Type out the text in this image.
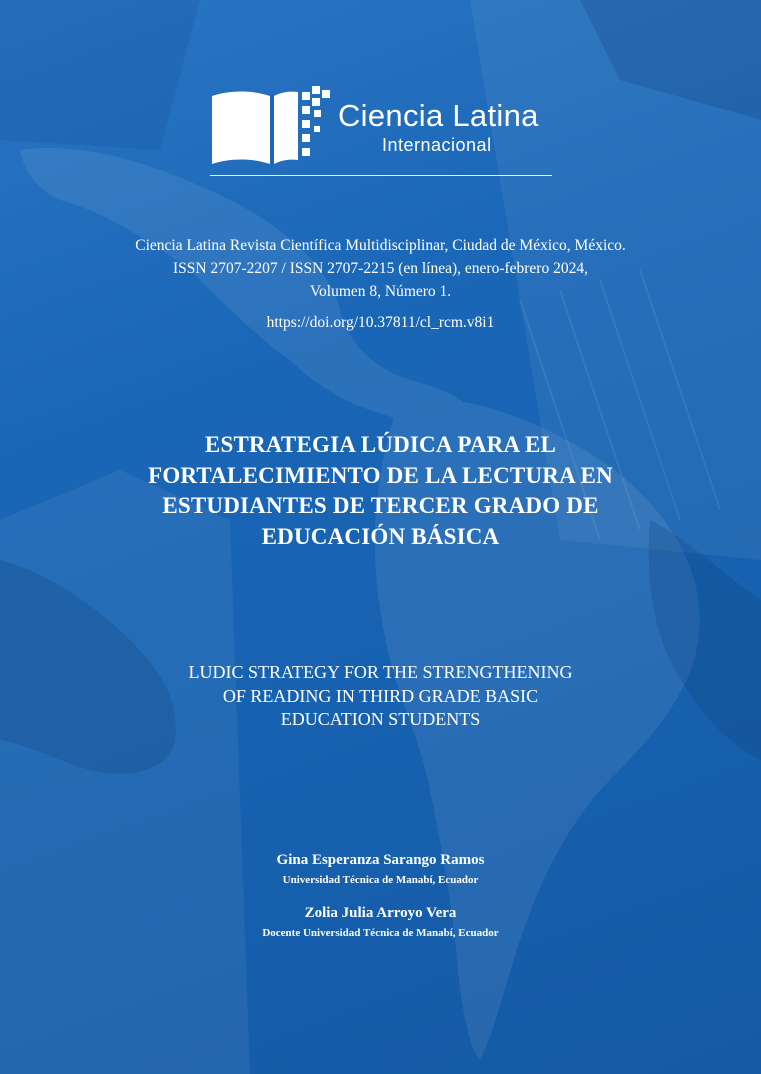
Ciencia Latina
Internacional
Ciencia Latina Revista Científica Multidisciplinar, Ciudad de México, México.
ISSN 2707-2207 / ISSN 2707-2215 (en línea), enero-febrero 2024,
Volumen 8, Número 1.
https://doi.org/10.37811/cl_rcm.v8i1
ESTRATEGIA LÚDICA PARA EL
FORTALECIMIENTO DE LA LECTURA EN
ESTUDIANTES DE TERCER GRADO DE
EDUCACIÓN BÁSICA
LUDIC STRATEGY FOR THE STRENGTHENING
OF READING IN THIRD GRADE BASIC
EDUCATION STUDENTS
Gina Esperanza Sarango Ramos
Universidad Técnica de Manabí, Ecuador
Zolia Julia Arroyo Vera
Docente Universidad Técnica de Manabí, Ecuador
